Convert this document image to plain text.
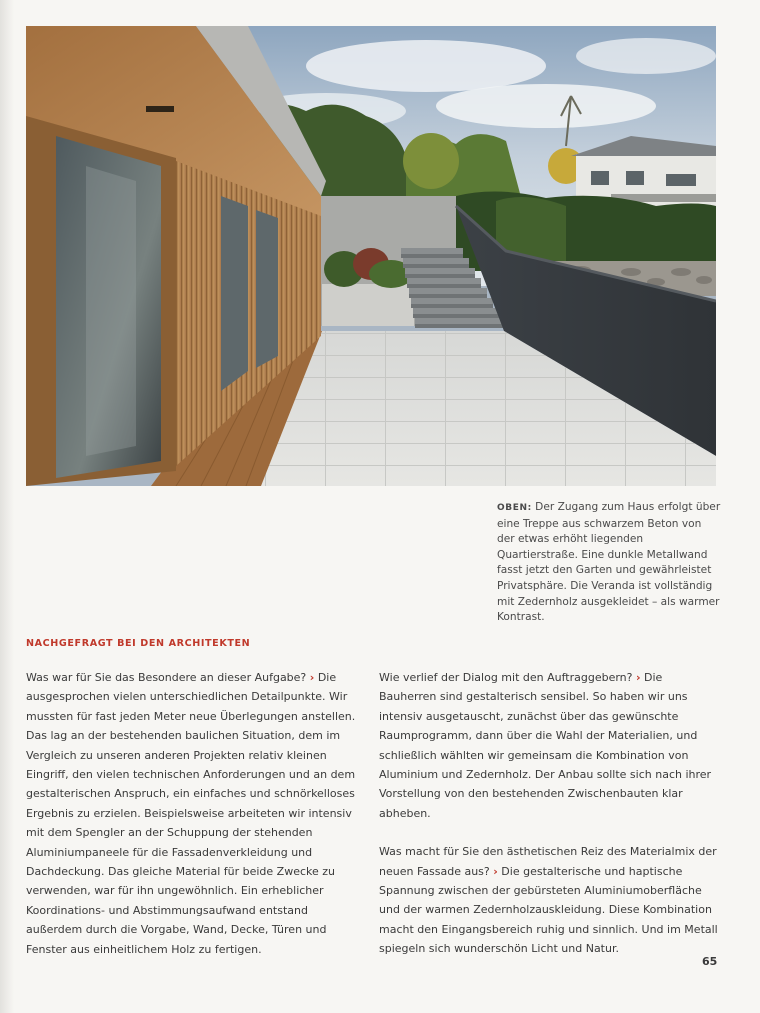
OBEN: Der Zugang zum Haus erfolgt über eine Treppe aus schwarzem Beton von der etwas erhöht liegenden Quartierstraße. Eine dunkle Metallwand fasst jetzt den Garten und gewährleistet Privatsphäre. Die Veranda ist vollständig mit Zedernholz ausgekleidet – als warmer Kontrast.
NACHGEFRAGT BEI DEN ARCHITEKTEN

Was war für Sie das Besondere an dieser Aufgabe? › Die ausgesprochen vielen unterschiedlichen Detailpunkte. Wir mussten für fast jeden Meter neue Überlegungen anstellen. Das lag an der bestehenden baulichen Situation, dem im Vergleich zu unseren anderen Projekten relativ kleinen Eingriff, den vielen technischen Anforderungen und an dem gestalterischen Anspruch, ein einfaches und schnörkelloses Ergebnis zu erzielen. Beispielsweise arbeiteten wir intensiv mit dem Spengler an der Schuppung der stehenden Aluminiumpaneele für die Fassadenverkleidung und Dachdeckung. Das gleiche Material für beide Zwecke zu verwenden, war für ihn ungewöhnlich. Ein erheblicher Koordinations- und Abstimmungsaufwand entstand außerdem durch die Vorgabe, Wand, Decke, Türen und Fenster aus einheitlichem Holz zu fertigen.

Wie verlief der Dialog mit den Auftraggebern? › Die Bauherren sind gestalterisch sensibel. So haben wir uns intensiv ausgetauscht, zunächst über das gewünschte Raumprogramm, dann über die Wahl der Materialien, und schließlich wählten wir gemeinsam die Kombination von Aluminium und Zedernholz. Der Anbau sollte sich nach ihrer Vorstellung von den bestehenden Zwischenbauten klar abheben.

Was macht für Sie den ästhetischen Reiz des Materialmix der neuen Fassade aus? › Die gestalterische und haptische Spannung zwischen der gebürsteten Aluminiumoberfläche und der warmen Zedernholzauskleidung. Diese Kombination macht den Eingangsbereich ruhig und sinnlich. Und im Metall spiegeln sich wunderschön Licht und Natur.

65
